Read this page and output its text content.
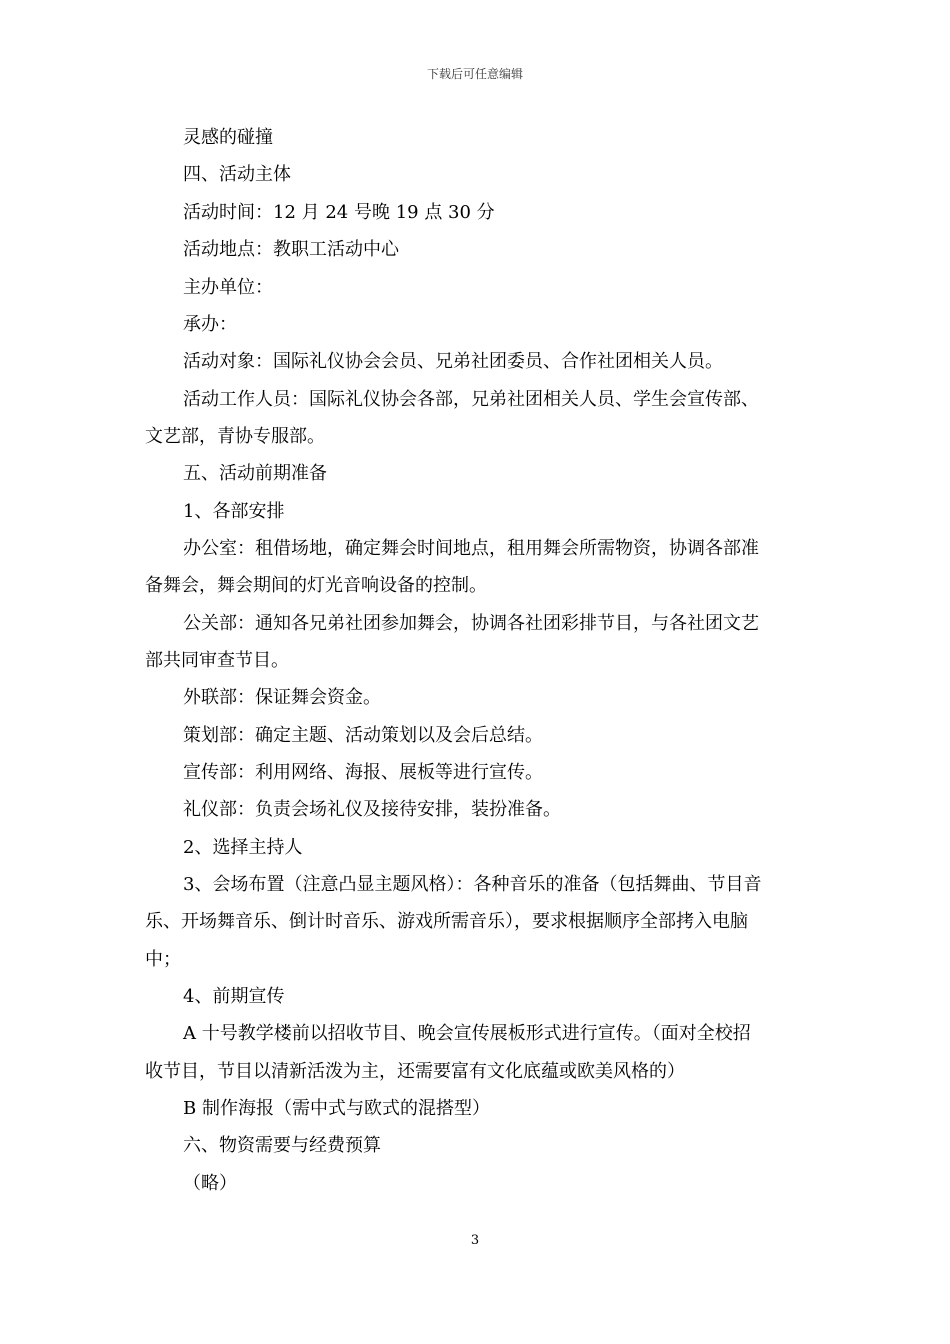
下载后可任意编辑
灵感的碰撞
四、活动主体
活动时间：12 月 24 号晚 19 点 30 分
活动地点：教职工活动中心
主办单位：
承办：
活动对象：国际礼仪协会会员、兄弟社团委员、合作社团相关人员。
活动工作人员：国际礼仪协会各部，兄弟社团相关人员、学生会宣传部、
文艺部，青协专服部。
五、活动前期准备
1、各部安排
办公室：租借场地，确定舞会时间地点，租用舞会所需物资，协调各部准
备舞会，舞会期间的灯光音响设备的控制。
公关部：通知各兄弟社团参加舞会，协调各社团彩排节目，与各社团文艺
部共同审查节目。
外联部：保证舞会资金。
策划部：确定主题、活动策划以及会后总结。
宣传部：利用网络、海报、展板等进行宣传。
礼仪部：负责会场礼仪及接待安排，装扮准备。
2、选择主持人
3、会场布置（注意凸显主题风格）：各种音乐的准备（包括舞曲、节目音
乐、开场舞音乐、倒计时音乐、游戏所需音乐），要求根据顺序全部拷入电脑
中；
4、前期宣传
A 十号教学楼前以招收节目、晚会宣传展板形式进行宣传。（面对全校招
收节目，节目以清新活泼为主，还需要富有文化底蕴或欧美风格的）
B 制作海报（需中式与欧式的混搭型）
六、物资需要与经费预算
（略）
3
